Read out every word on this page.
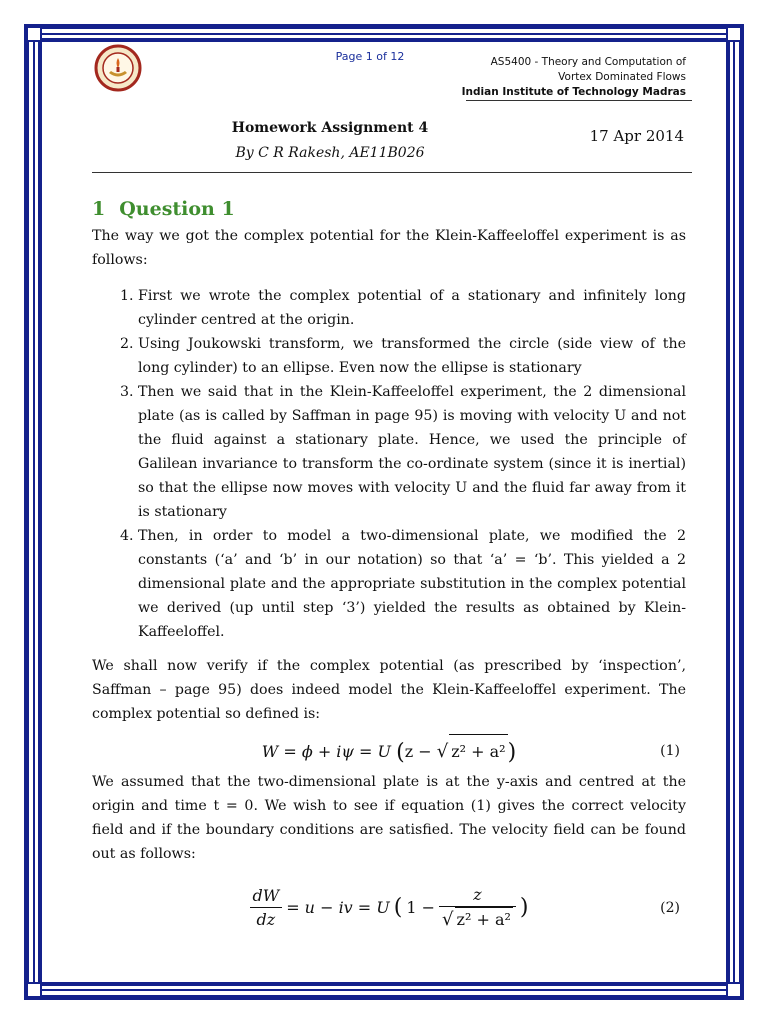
Page 1 of 12	AS5400 - Theory and Computation of
Vortex Dominated Flows
Indian Institute of Technology Madras
Homework Assignment 4
By C R Rakesh, AE11B026
17 Apr 2014
1 Question 1

The way we got the complex potential for the Klein-Kaffeeloffel experiment is as follows:

1. First we wrote the complex potential of a stationary and infinitely long cylinder centred at the origin.
2. Using Joukowski transform, we transformed the circle (side view of the long cylinder) to an ellipse. Even now the ellipse is stationary
3. Then we said that in the Klein-Kaffeeloffel experiment, the 2 dimensional plate (as is called by Saffman in page 95) is moving with velocity U and not the fluid against a stationary plate. Hence, we used the principle of Galilean invariance to transform the co-ordinate system (since it is inertial) so that the ellipse now moves with velocity U and the fluid far away from it is stationary
4. Then, in order to model a two-dimensional plate, we modified the 2 constants (‘a’ and ‘b’ in our notation) so that ‘a’ = ‘b’. This yielded a 2 dimensional plate and the appropriate substitution in the complex potential we derived (up until step ‘3’) yielded the results as obtained by Klein-Kaffeeloffel.

We shall now verify if the complex potential (as prescribed by ‘inspection’, Saffman – page 95) does indeed model the Klein-Kaffeeloffel experiment. The complex potential so defined is:

W = ϕ + iψ = U (z − √ z² + a²)	(1)

We assumed that the two-dimensional plate is at the y-axis and centred at the origin and time t = 0. We wish to see if equation (1) gives the correct velocity field and if the boundary conditions are satisfied. The velocity field can be found out as follows:

$\frac{dW}{dz} = u$ − iv = U ( $1 - \frac{z}{\text{√ z² + a²}}$ )	(2)
